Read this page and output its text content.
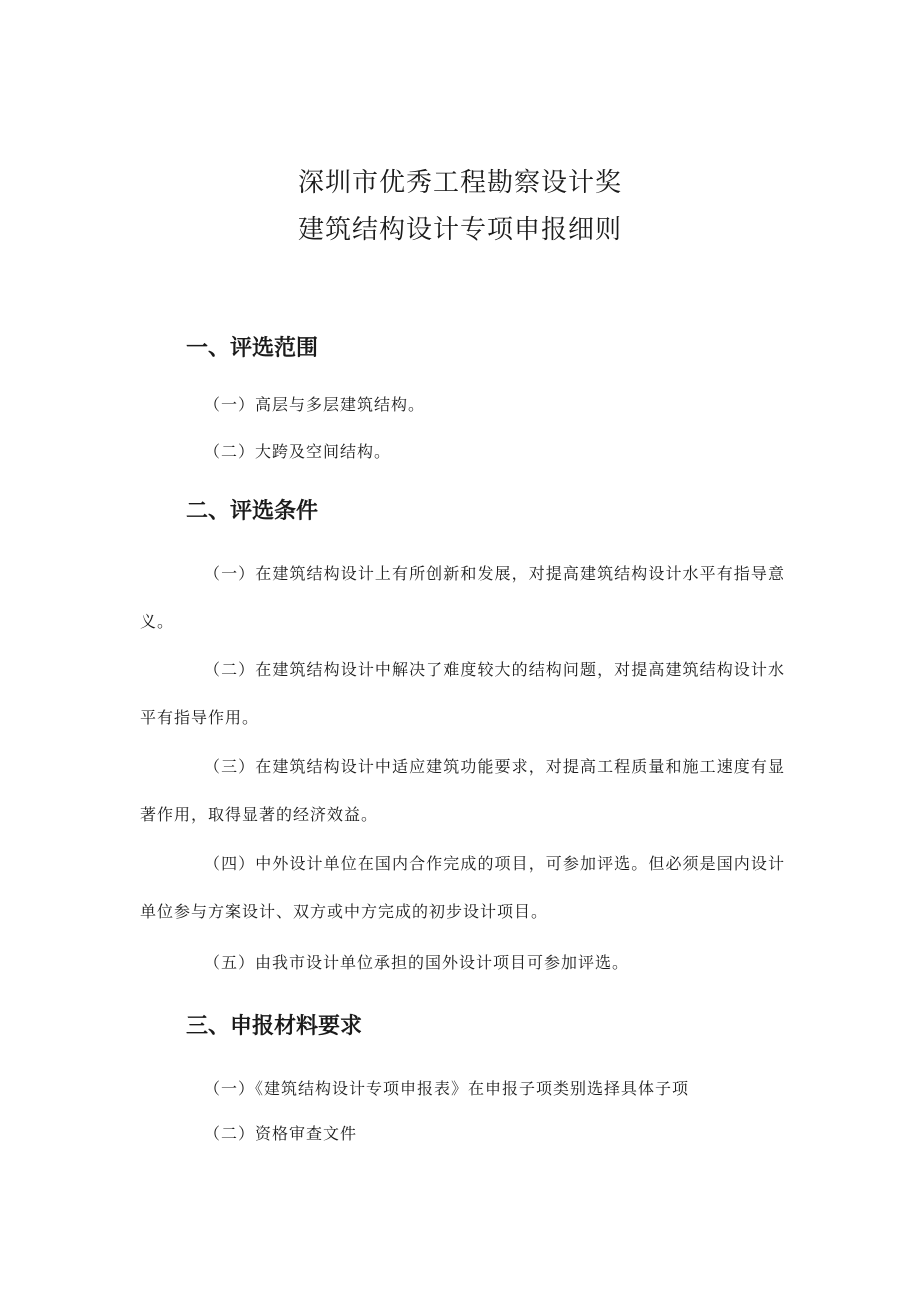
深圳市优秀工程勘察设计奖
建筑结构设计专项申报细则
一、评选范围
（一）高层与多层建筑结构。
（二）大跨及空间结构。
二、评选条件
（一）在建筑结构设计上有所创新和发展，对提高建筑结构设计水平有指导意义。
（二）在建筑结构设计中解决了难度较大的结构问题，对提高建筑结构设计水平有指导作用。
（三）在建筑结构设计中适应建筑功能要求，对提高工程质量和施工速度有显著作用，取得显著的经济效益。
（四）中外设计单位在国内合作完成的项目，可参加评选。但必须是国内设计单位参与方案设计、双方或中方完成的初步设计项目。
（五）由我市设计单位承担的国外设计项目可参加评选。
三、申报材料要求
（一）《建筑结构设计专项申报表》在申报子项类别选择具体子项
（二）资格审查文件
